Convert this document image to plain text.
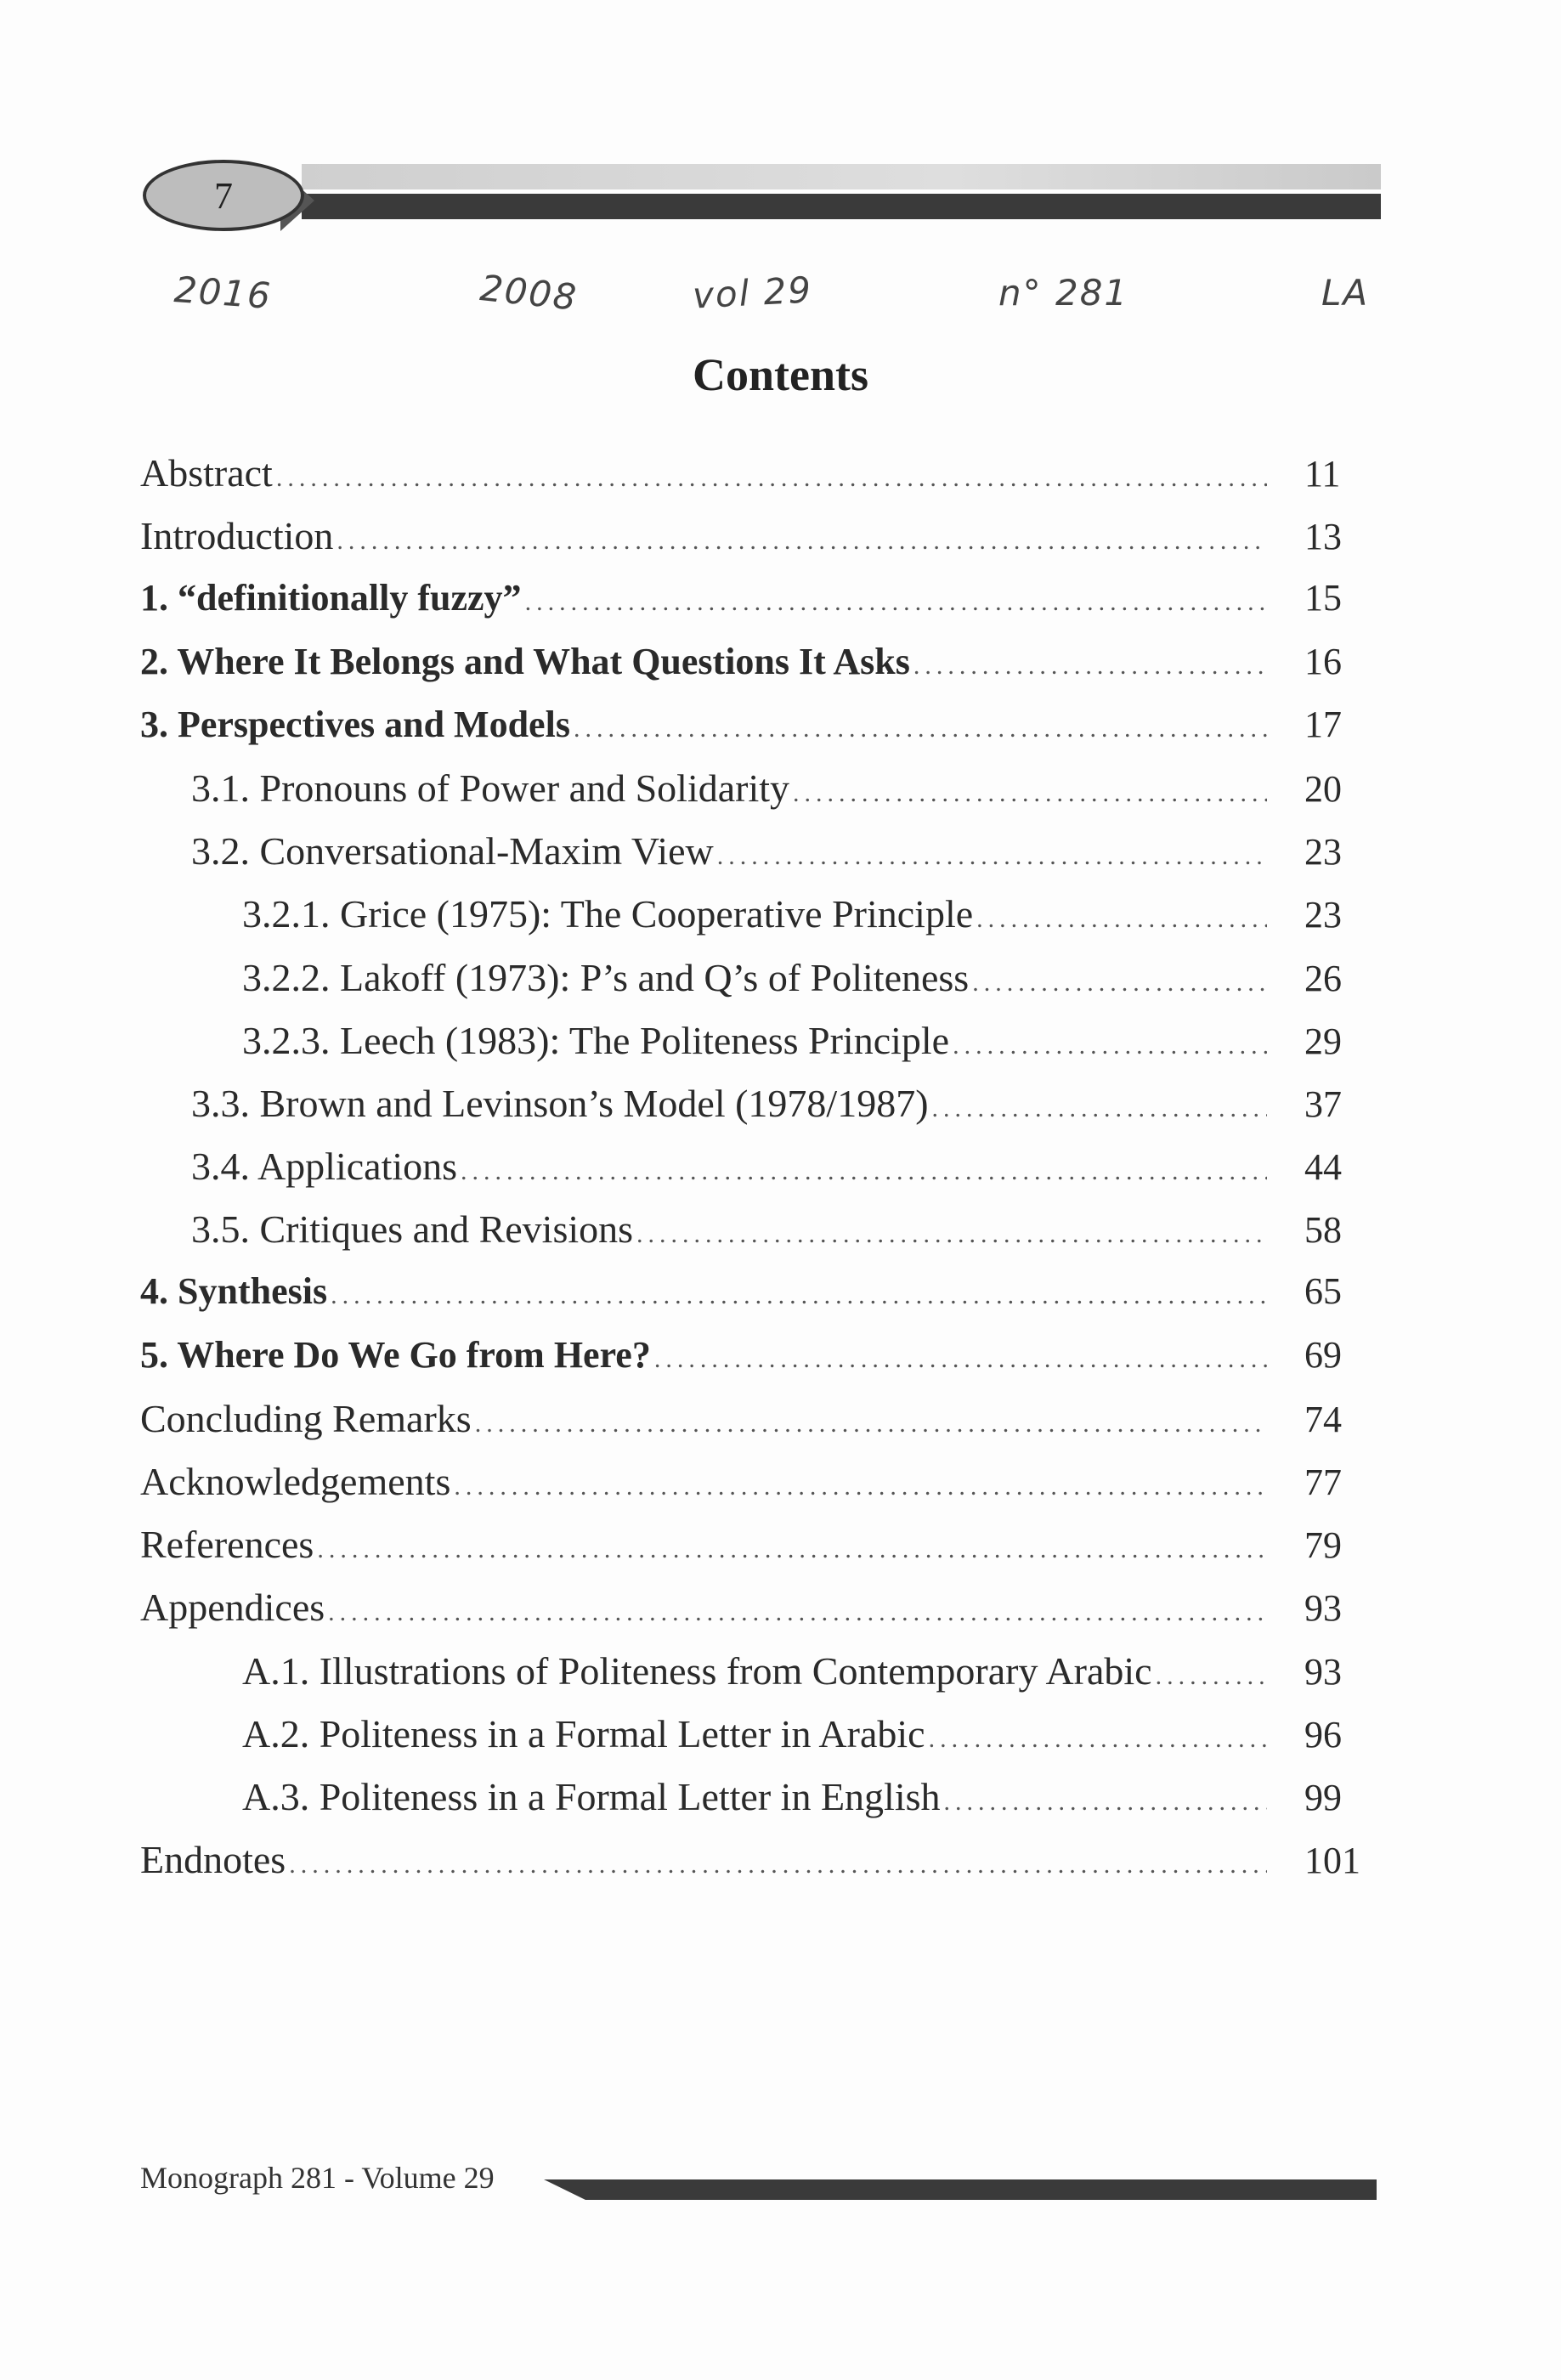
7
2016	2008	vol 29	n° 281	LA
Contents
Abstract .....	11
Introduction .....	13
1. “definitionally fuzzy” .....	15
2. Where It Belongs and What Questions It Asks .....	16
3. Perspectives and Models .....	17
3.1. Pronouns of Power and Solidarity .....	20
3.2. Conversational-Maxim View .....	23
3.2.1. Grice (1975): The Cooperative Principle .....	23
3.2.2. Lakoff (1973): P’s and Q’s of Politeness .....	26
3.2.3. Leech (1983): The Politeness Principle .....	29
3.3. Brown and Levinson’s Model (1978/1987) .....	37
3.4. Applications .....	44
3.5. Critiques and Revisions .....	58
4. Synthesis .....	65
5. Where Do We Go from Here? .....	69
Concluding Remarks .....	74
Acknowledgements .....	77
References .....	79
Appendices .....	93
A.1. Illustrations of Politeness from Contemporary Arabic .....	93
A.2. Politeness in a Formal Letter in Arabic .....	96
A.3. Politeness in a Formal Letter in English .....	99
Endnotes .....	101
Monograph 281 - Volume 29
